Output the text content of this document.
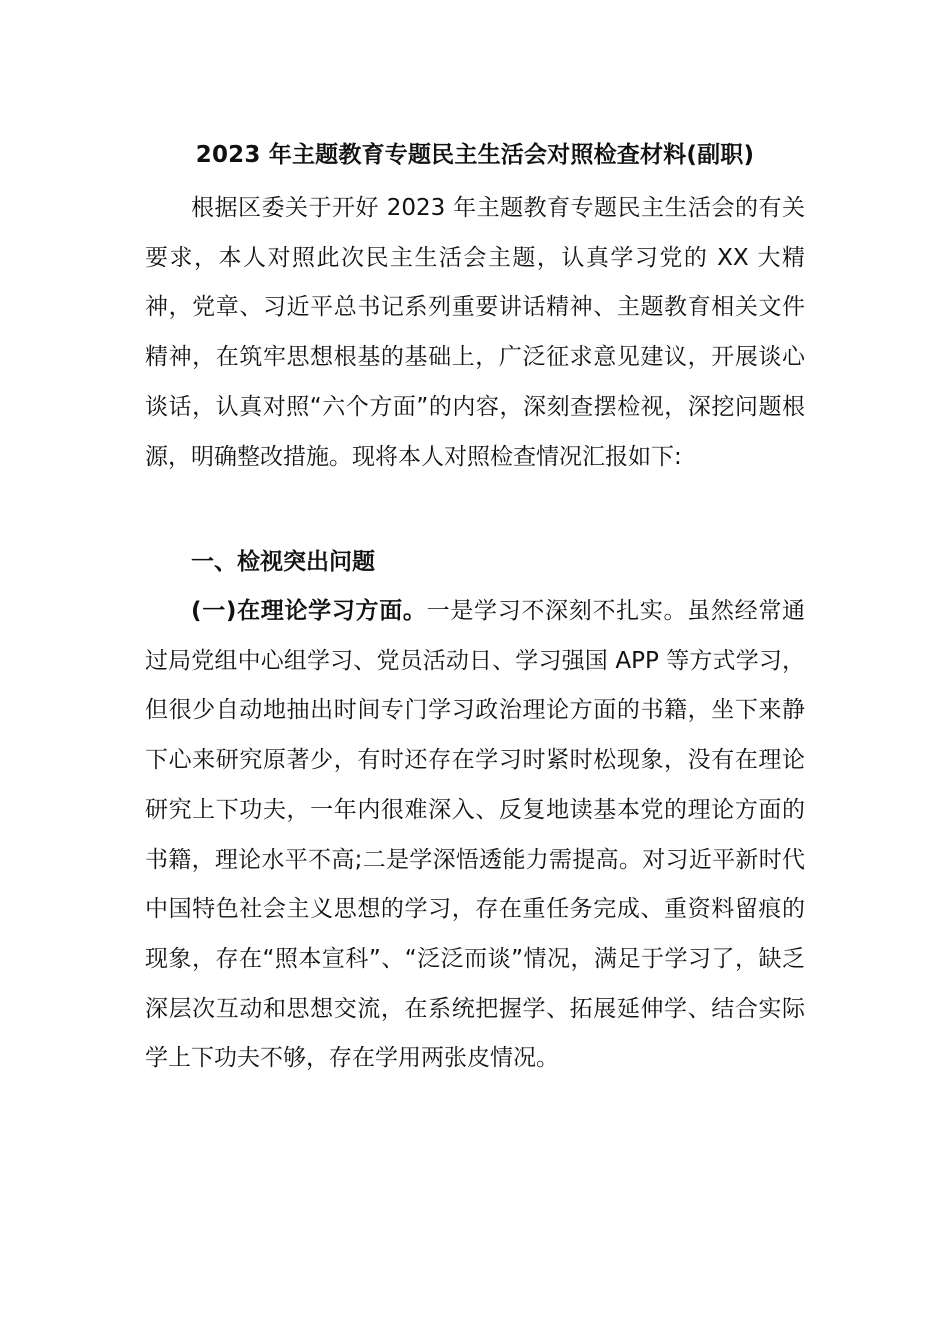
2023 年主题教育专题民主生活会对照检查材料(副职)

根据区委关于开好 2023 年主题教育专题民主生活会的有关要求，本人对照此次民主生活会主题，认真学习党的 XX 大精神，党章、习近平总书记系列重要讲话精神、主题教育相关文件精神，在筑牢思想根基的基础上，广泛征求意见建议，开展谈心谈话，认真对照“六个方面”的内容，深刻查摆检视，深挖问题根源，明确整改措施。现将本人对照检查情况汇报如下:

一、检视突出问题

(一)在理论学习方面。一是学习不深刻不扎实。虽然经常通过局党组中心组学习、党员活动日、学习强国 APP 等方式学习，但很少自动地抽出时间专门学习政治理论方面的书籍，坐下来静下心来研究原著少，有时还存在学习时紧时松现象，没有在理论研究上下功夫，一年内很难深入、反复地读基本党的理论方面的书籍，理论水平不高;二是学深悟透能力需提高。对习近平新时代中国特色社会主义思想的学习，存在重任务完成、重资料留痕的现象，存在“照本宣科”、“泛泛而谈”情况，满足于学习了，缺乏深层次互动和思想交流，在系统把握学、拓展延伸学、结合实际学上下功夫不够，存在学用两张皮情况。
